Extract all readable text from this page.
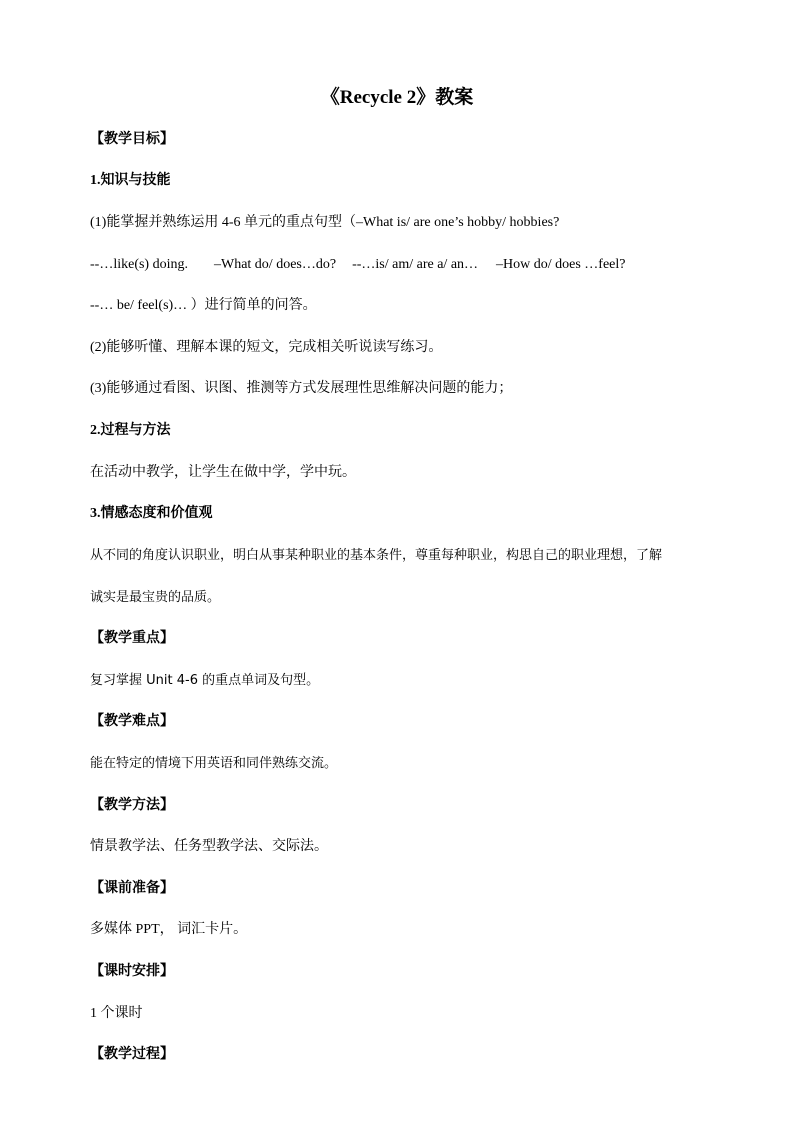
《Recycle 2》教案
【教学目标】
1.知识与技能
(1)能掌握并熟练运用 4-6 单元的重点句型（–What is/ are one’s hobby/ hobbies?
--…like(s) doing. –What do/ does…do? --…is/ am/ are a/ an… –How do/ does …feel?
--… be/ feel(s)… ）进行简单的问答。
(2)能够听懂、理解本课的短文，完成相关听说读写练习。
(3)能够通过看图、识图、推测等方式发展理性思维解决问题的能力；
2.过程与方法
在活动中教学，让学生在做中学，学中玩。
3.情感态度和价值观
从不同的角度认识职业，明白从事某种职业的基本条件，尊重每种职业，构思自己的职业理想，了解
诚实是最宝贵的品质。
【教学重点】
复习掌握 Unit 4-6 的重点单词及句型。
【教学难点】
能在特定的情境下用英语和同伴熟练交流。
【教学方法】
情景教学法、任务型教学法、交际法。
【课前准备】
多媒体 PPT， 词汇卡片。
【课时安排】
1 个课时
【教学过程】
